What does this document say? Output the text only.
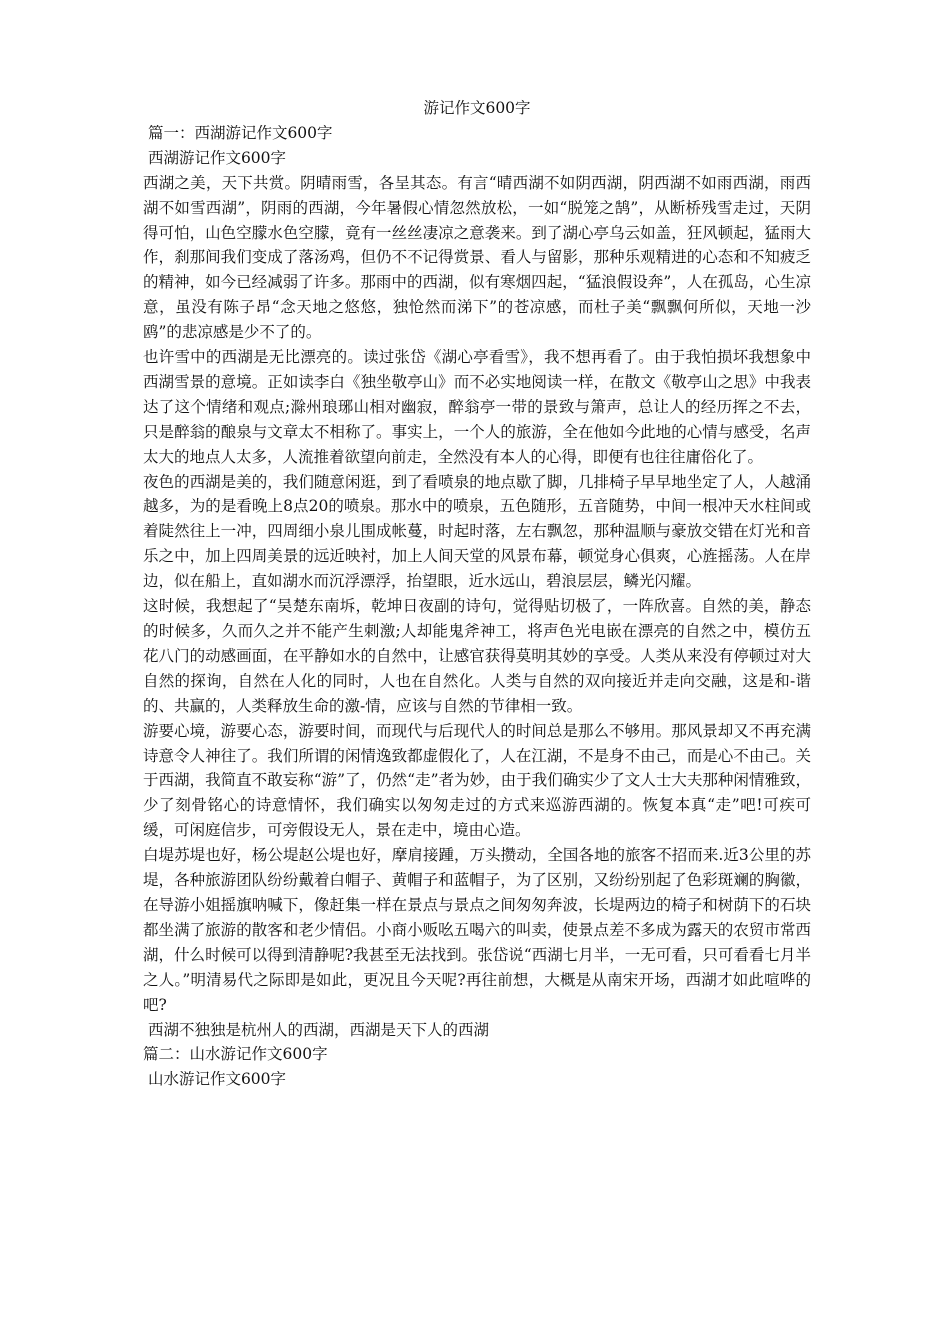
游记作文600字

篇一：西湖游记作文600字

西湖游记作文600字

西湖之美，天下共赏。阴晴雨雪，各呈其态。有言“晴西湖不如阴西湖，阴西湖不如雨西湖，雨西湖不如雪西湖”，阴雨的西湖，今年暑假心情忽然放松，一如“脱笼之鹄”，从断桥残雪走过，天阴得可怕，山色空朦水色空朦，竟有一丝丝凄凉之意袭来。到了湖心亭乌云如盖，狂风顿起，猛雨大作，刹那间我们变成了落汤鸡，但仍不不记得赏景、看人与留影，那种乐观精进的心态和不知疲乏的精神，如今已经减弱了许多。那雨中的西湖，似有寒烟四起，“猛浪假设奔”，人在孤岛，心生凉意，虽没有陈子昂“念天地之悠悠，独怆然而涕下”的苍凉感，而杜子美“飘飘何所似，天地一沙鸥”的悲凉感是少不了的。

也许雪中的西湖是无比漂亮的。读过张岱《湖心亭看雪》，我不想再看了。由于我怕损坏我想象中西湖雪景的意境。正如读李白《独坐敬亭山》而不必实地阅读一样，在散文《敬亭山之思》中我表达了这个情绪和观点;滁州琅琊山相对幽寂，醉翁亭一带的景致与箫声，总让人的经历挥之不去，只是醉翁的酿泉与文章太不相称了。事实上，一个人的旅游，全在他如今此地的心情与感受，名声太大的地点人太多，人流推着欲望向前走，全然没有本人的心得，即便有也往往庸俗化了。

夜色的西湖是美的，我们随意闲逛，到了看喷泉的地点歇了脚，几排椅子早早地坐定了人，人越涌越多，为的是看晚上8点20的喷泉。那水中的喷泉，五色随形，五音随势，中间一根冲天水柱间或着陡然往上一冲，四周细小泉儿围成帐蔓，时起时落，左右飘忽，那种温顺与豪放交错在灯光和音乐之中，加上四周美景的远近映衬，加上人间天堂的风景布幕，顿觉身心俱爽，心旌摇荡。人在岸边，似在船上，直如湖水而沉浮漂浮，抬望眼，近水远山，碧浪层层，鳞光闪耀。

这时候，我想起了“吴楚东南坼，乾坤日夜副的诗句，觉得贴切极了，一阵欣喜。自然的美，静态的时候多，久而久之并不能产生刺激;人却能鬼斧神工，将声色光电嵌在漂亮的自然之中，模仿五花八门的动感画面，在平静如水的自然中，让感官获得莫明其妙的享受。人类从来没有停顿过对大自然的探询，自然在人化的同时，人也在自然化。人类与自然的双向接近并走向交融，这是和-谐的、共赢的，人类释放生命的激-情，应该与自然的节律相一致。

游要心境，游要心态，游要时间，而现代与后现代人的时间总是那么不够用。那风景却又不再充满诗意令人神往了。我们所谓的闲情逸致都虚假化了，人在江湖，不是身不由己，而是心不由己。关于西湖，我简直不敢妄称“游”了，仍然“走”者为妙，由于我们确实少了文人士大夫那种闲情雅致，少了刻骨铭心的诗意情怀，我们确实以匆匆走过的方式来巡游西湖的。恢复本真“走”吧!可疾可缓，可闲庭信步，可旁假设无人，景在走中，境由心造。

白堤苏堤也好，杨公堤赵公堤也好，摩肩接踵，万头攒动，全国各地的旅客不招而来.近3公里的苏堤，各种旅游团队纷纷戴着白帽子、黄帽子和蓝帽子，为了区别，又纷纷别起了色彩斑斓的胸徽，在导游小姐摇旗呐喊下，像赶集一样在景点与景点之间匆匆奔波，长堤两边的椅子和树荫下的石块都坐满了旅游的散客和老少情侣。小商小贩吆五喝六的叫卖，使景点差不多成为露天的农贸市常西湖，什么时候可以得到清静呢?我甚至无法找到。张岱说“西湖七月半，一无可看，只可看看七月半之人。”明清易代之际即是如此，更况且今天呢?再往前想，大概是从南宋开场，西湖才如此喧哗的吧?

西湖不独独是杭州人的西湖，西湖是天下人的西湖

篇二：山水游记作文600字

山水游记作文600字
